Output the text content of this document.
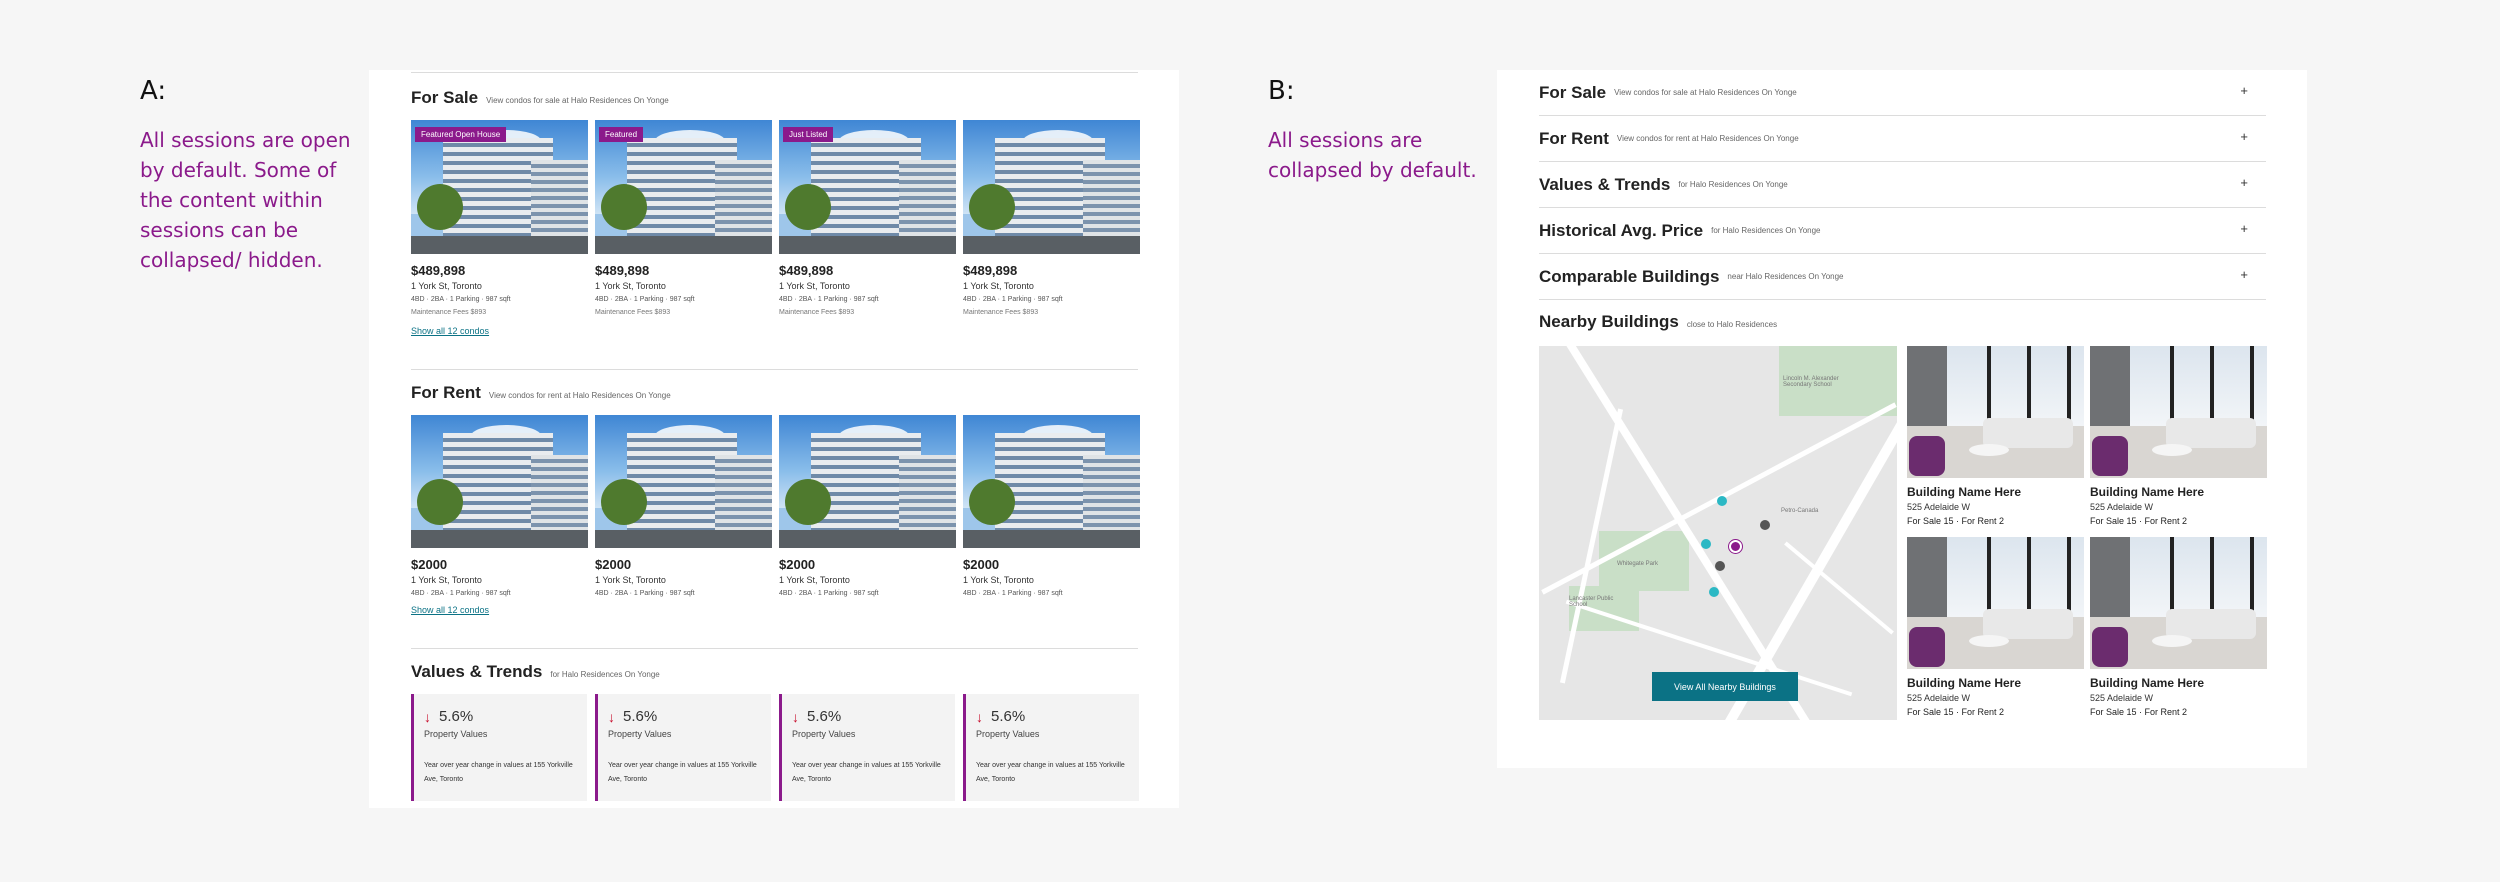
A:
All sessions are open by default. Some of the content within sessions can be collapsed/ hidden.
B:
All sessions are collapsed by default.
For Sale View condos for sale at Halo Residences On Yonge
Featured Open House
$489,898
1 York St, Toronto
4BD · 2BA · 1 Parking · 987 sqft
Maintenance Fees $893
Featured
$489,898
1 York St, Toronto
4BD · 2BA · 1 Parking · 987 sqft
Maintenance Fees $893
Just Listed
$489,898
1 York St, Toronto
4BD · 2BA · 1 Parking · 987 sqft
Maintenance Fees $893
$489,898
1 York St, Toronto
4BD · 2BA · 1 Parking · 987 sqft
Maintenance Fees $893
Show all 12 condos
For Rent View condos for rent at Halo Residences On Yonge
$2000
1 York St, Toronto
4BD · 2BA · 1 Parking · 987 sqft
$2000
1 York St, Toronto
4BD · 2BA · 1 Parking · 987 sqft
$2000
1 York St, Toronto
4BD · 2BA · 1 Parking · 987 sqft
$2000
1 York St, Toronto
4BD · 2BA · 1 Parking · 987 sqft
Show all 12 condos
Values & Trends for Halo Residences On Yonge
↓ 5.6%
Property Values
Year over year change in values at 155 Yorkville Ave, Toronto
↓ 5.6%
Property Values
Year over year change in values at 155 Yorkville Ave, Toronto
↓ 5.6%
Property Values
Year over year change in values at 155 Yorkville Ave, Toronto
↓ 5.6%
Property Values
Year over year change in values at 155 Yorkville Ave, Toronto
For Sale View condos for sale at Halo Residences On Yonge	+
For Rent View condos for rent at Halo Residences On Yonge	+
Values & Trends for Halo Residences On Yonge	+
Historical Avg. Price for Halo Residences On Yonge	+
Comparable Buildings near Halo Residences On Yonge	+
Nearby Buildings close to Halo Residences
Lincoln M. Alexander Secondary School
Whitegate Park
Lancaster Public School
Petro-Canada
View All Nearby Buildings
Building Name Here
525 Adelaide W
For Sale 15 · For Rent 2
Building Name Here
525 Adelaide W
For Sale 15 · For Rent 2
Building Name Here
525 Adelaide W
For Sale 15 · For Rent 2
Building Name Here
525 Adelaide W
For Sale 15 · For Rent 2
